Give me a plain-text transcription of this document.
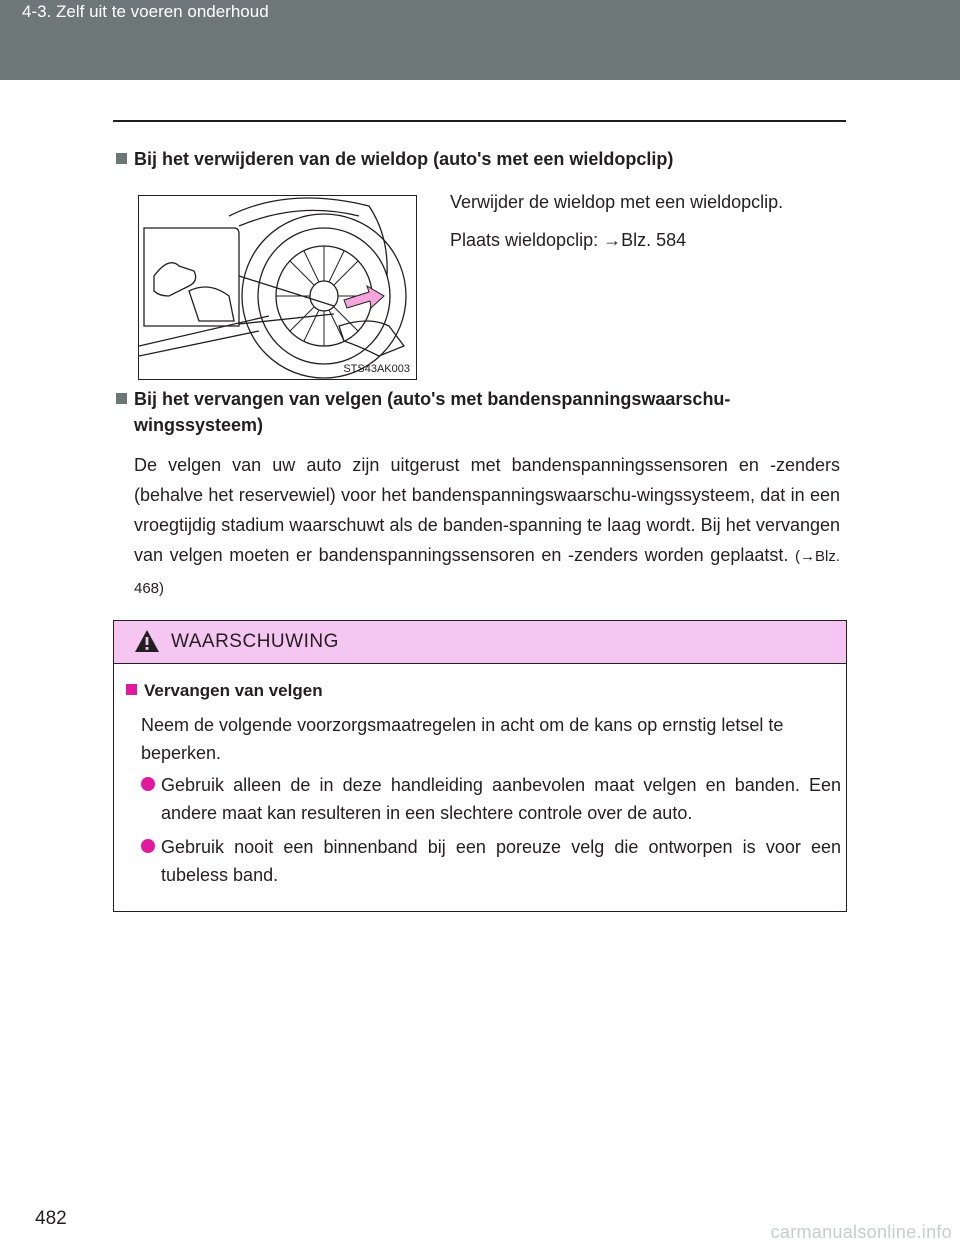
4-3. Zelf uit te voeren onderhoud
Bij het verwijderen van de wieldop (auto's met een wieldopclip)
STS43AK003
Verwijder de wieldop met een wieldopclip.
Plaats wieldopclip: →Blz. 584
Bij het vervangen van velgen (auto's met bandenspanningswaarschu-
wingssysteem)
De velgen van uw auto zijn uitgerust met bandenspanningssensoren en -zenders (behalve het reservewiel) voor het bandenspanningswaarschu-wingssysteem, dat in een vroegtijdig stadium waarschuwt als de banden-spanning te laag wordt. Bij het vervangen van velgen moeten er bandenspanningssensoren en -zenders worden geplaatst. (→Blz. 468)
WAARSCHUWING
Vervangen van velgen
Neem de volgende voorzorgsmaatregelen in acht om de kans op ernstig letsel te beperken.
Gebruik alleen de in deze handleiding aanbevolen maat velgen en banden. Een andere maat kan resulteren in een slechtere controle over de auto.
Gebruik nooit een binnenband bij een poreuze velg die ontworpen is voor een tubeless band.
482
carmanualsonline.info
